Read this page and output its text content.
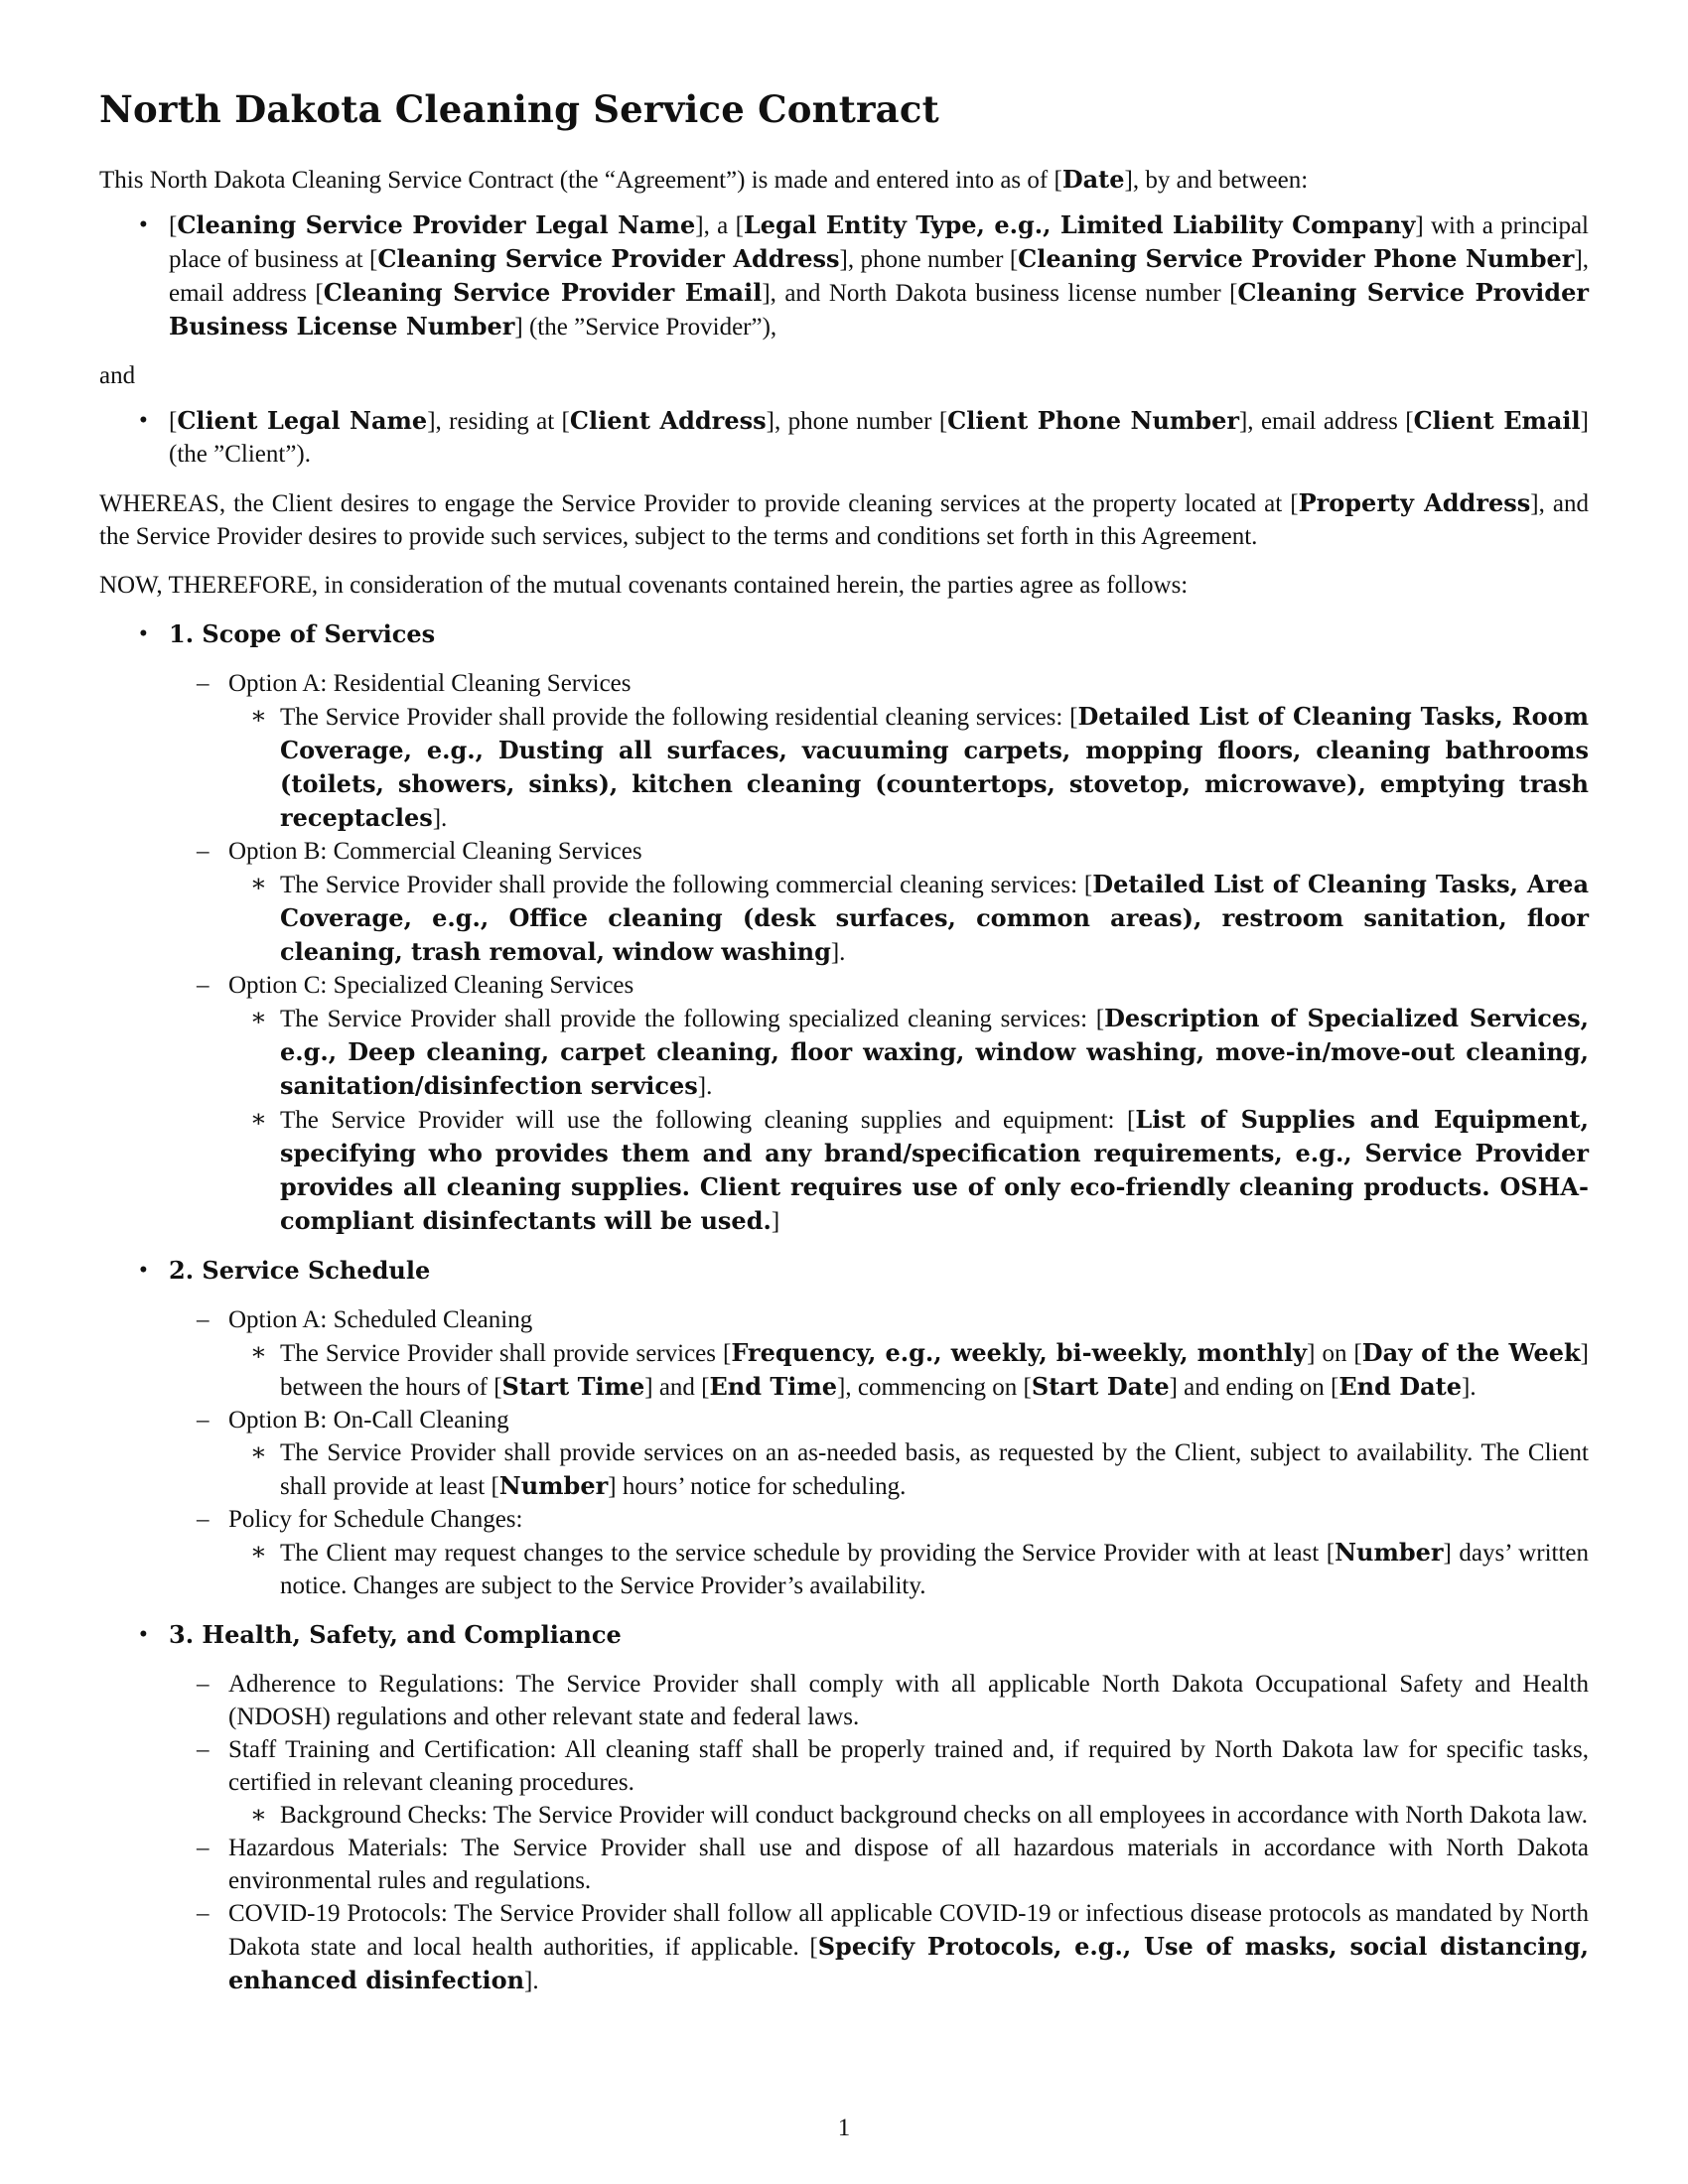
North Dakota Cleaning Service Contract

This North Dakota Cleaning Service Contract (the “Agreement”) is made and entered into as of [Date], by and between:

• [Cleaning Service Provider Legal Name], a [Legal Entity Type, e.g., Limited Liability Company] with a principal place of business at [Cleaning Service Provider Address], phone number [Cleaning Service Provider Phone Number], email address [Cleaning Service Provider Email], and North Dakota business license number [Cleaning Service Provider Business License Number] (the ”Service Provider”),

and

• [Client Legal Name], residing at [Client Address], phone number [Client Phone Number], email address [Client Email] (the ”Client”).

WHEREAS, the Client desires to engage the Service Provider to provide cleaning services at the property located at [Property Address], and the Service Provider desires to provide such services, subject to the terms and conditions set forth in this Agreement.

NOW, THEREFORE, in consideration of the mutual covenants contained herein, the parties agree as follows:

• 1. Scope of Services
– Option A: Residential Cleaning Services
∗ The Service Provider shall provide the following residential cleaning services: [Detailed List of Cleaning Tasks, Room Coverage, e.g., Dusting all surfaces, vacuuming carpets, mopping floors, cleaning bathrooms (toilets, showers, sinks), kitchen cleaning (countertops, stovetop, microwave), emptying trash receptacles].
– Option B: Commercial Cleaning Services
∗ The Service Provider shall provide the following commercial cleaning services: [Detailed List of Cleaning Tasks, Area Coverage, e.g., Office cleaning (desk surfaces, common areas), restroom sanitation, floor cleaning, trash removal, window washing].
– Option C: Specialized Cleaning Services
∗ The Service Provider shall provide the following specialized cleaning services: [Description of Specialized Services, e.g., Deep cleaning, carpet cleaning, floor waxing, window washing, move-in/move-out cleaning, sanitation/disinfection services].
∗ The Service Provider will use the following cleaning supplies and equipment: [List of Supplies and Equipment, specifying who provides them and any brand/specification requirements, e.g., Service Provider provides all cleaning supplies. Client requires use of only eco-friendly cleaning products. OSHA-compliant disinfectants will be used.]
• 2. Service Schedule
– Option A: Scheduled Cleaning
∗ The Service Provider shall provide services [Frequency, e.g., weekly, bi-weekly, monthly] on [Day of the Week] between the hours of [Start Time] and [End Time], commencing on [Start Date] and ending on [End Date].
– Option B: On-Call Cleaning
∗ The Service Provider shall provide services on an as-needed basis, as requested by the Client, subject to availability. The Client shall provide at least [Number] hours’ notice for scheduling.
– Policy for Schedule Changes:
∗ The Client may request changes to the service schedule by providing the Service Provider with at least [Number] days’ written notice. Changes are subject to the Service Provider’s availability.
• 3. Health, Safety, and Compliance
– Adherence to Regulations: The Service Provider shall comply with all applicable North Dakota Occupational Safety and Health (NDOSH) regulations and other relevant state and federal laws.
– Staff Training and Certification: All cleaning staff shall be properly trained and, if required by North Dakota law for specific tasks, certified in relevant cleaning procedures.
∗ Background Checks: The Service Provider will conduct background checks on all employees in accordance with North Dakota law.
– Hazardous Materials: The Service Provider shall use and dispose of all hazardous materials in accordance with North Dakota environmental rules and regulations.
– COVID-19 Protocols: The Service Provider shall follow all applicable COVID-19 or infectious disease protocols as mandated by North Dakota state and local health authorities, if applicable. [Specify Protocols, e.g., Use of masks, social distancing, enhanced disinfection].
1
